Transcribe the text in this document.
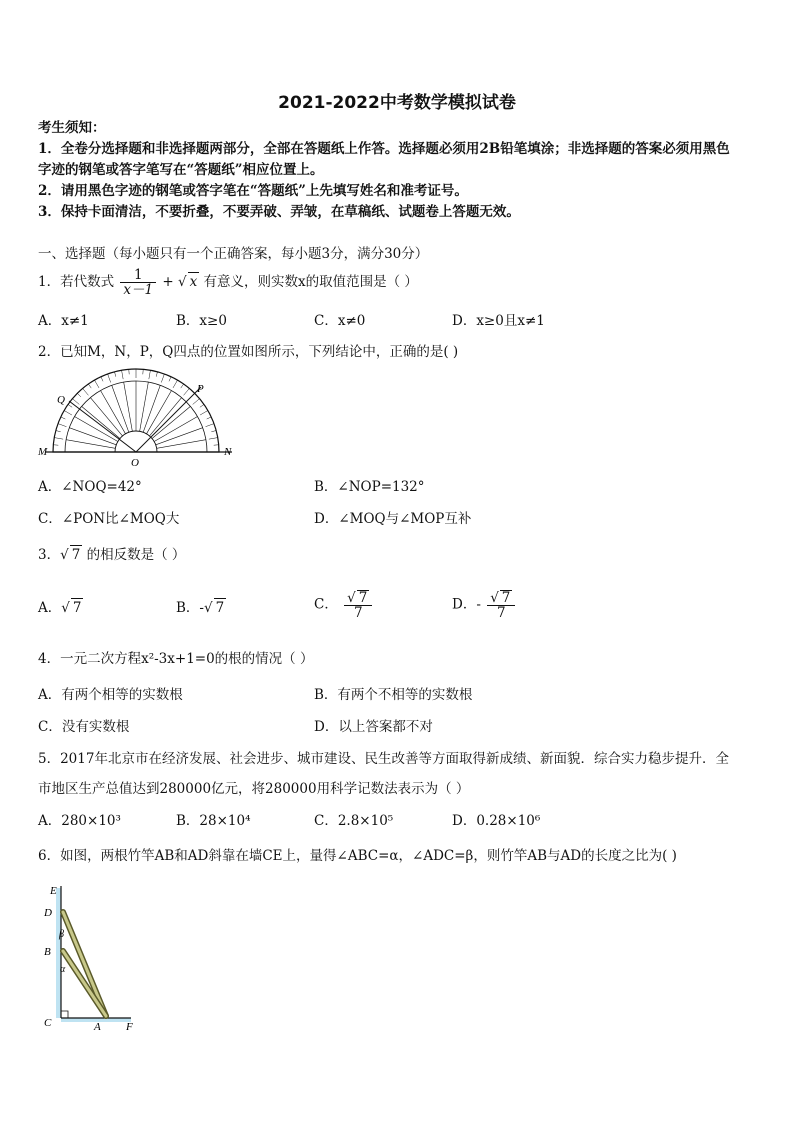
2021-2022中考数学模拟试卷
考生须知：
1．全卷分选择题和非选择题两部分，全部在答题纸上作答。选择题必须用2B铅笔填涂；非选择题的答案必须用黑色
字迹的钢笔或答字笔写在“答题纸”相应位置上。
2．请用黑色字迹的钢笔或答字笔在“答题纸”上先填写姓名和准考证号。
3．保持卡面清洁，不要折叠，不要弄破、弄皱，在草稿纸、试题卷上答题无效。
一、选择题（每小题只有一个正确答案，每小题3分，满分30分）
1．若代数式 $\frac{1}{x-1}$ + √ x 有意义，则实数x的取值范围是（ ）
A．x≠1	B．x≥0	C．x≠0	D．x≥0且x≠1
2．已知M，N，P，Q四点的位置如图所示，下列结论中，正确的是( )
M	N
O
P
Q
A．∠NOQ=42°	B．∠NOP=132°
C．∠PON比∠MOQ大	D．∠MOQ与∠MOP互补
3．√ 7 的相反数是（ ）
A．√ 7	B．-√ 7	C． $\frac{√ 7}{7}$	D．- $\frac{√ 7}{7}$
4．一元二次方程x²-3x+1=0的根的情况（ ）
A．有两个相等的实数根	B．有两个不相等的实数根
C．没有实数根	D．以上答案都不对
5．2017年北京市在经济发展、社会进步、城市建设、民生改善等方面取得新成绩、新面貌．综合实力稳步提升．全
市地区生产总值达到280000亿元，将280000用科学记数法表示为（ ）
A．280×10³	B．28×10⁴	C．2.8×10⁵	D．0.28×10⁶
6．如图，两根竹竿AB和AD斜靠在墙CE上，量得∠ABC=α，∠ADC=β，则竹竿AB与AD的长度之比为( )
E
D
B
C	A F
β
α
